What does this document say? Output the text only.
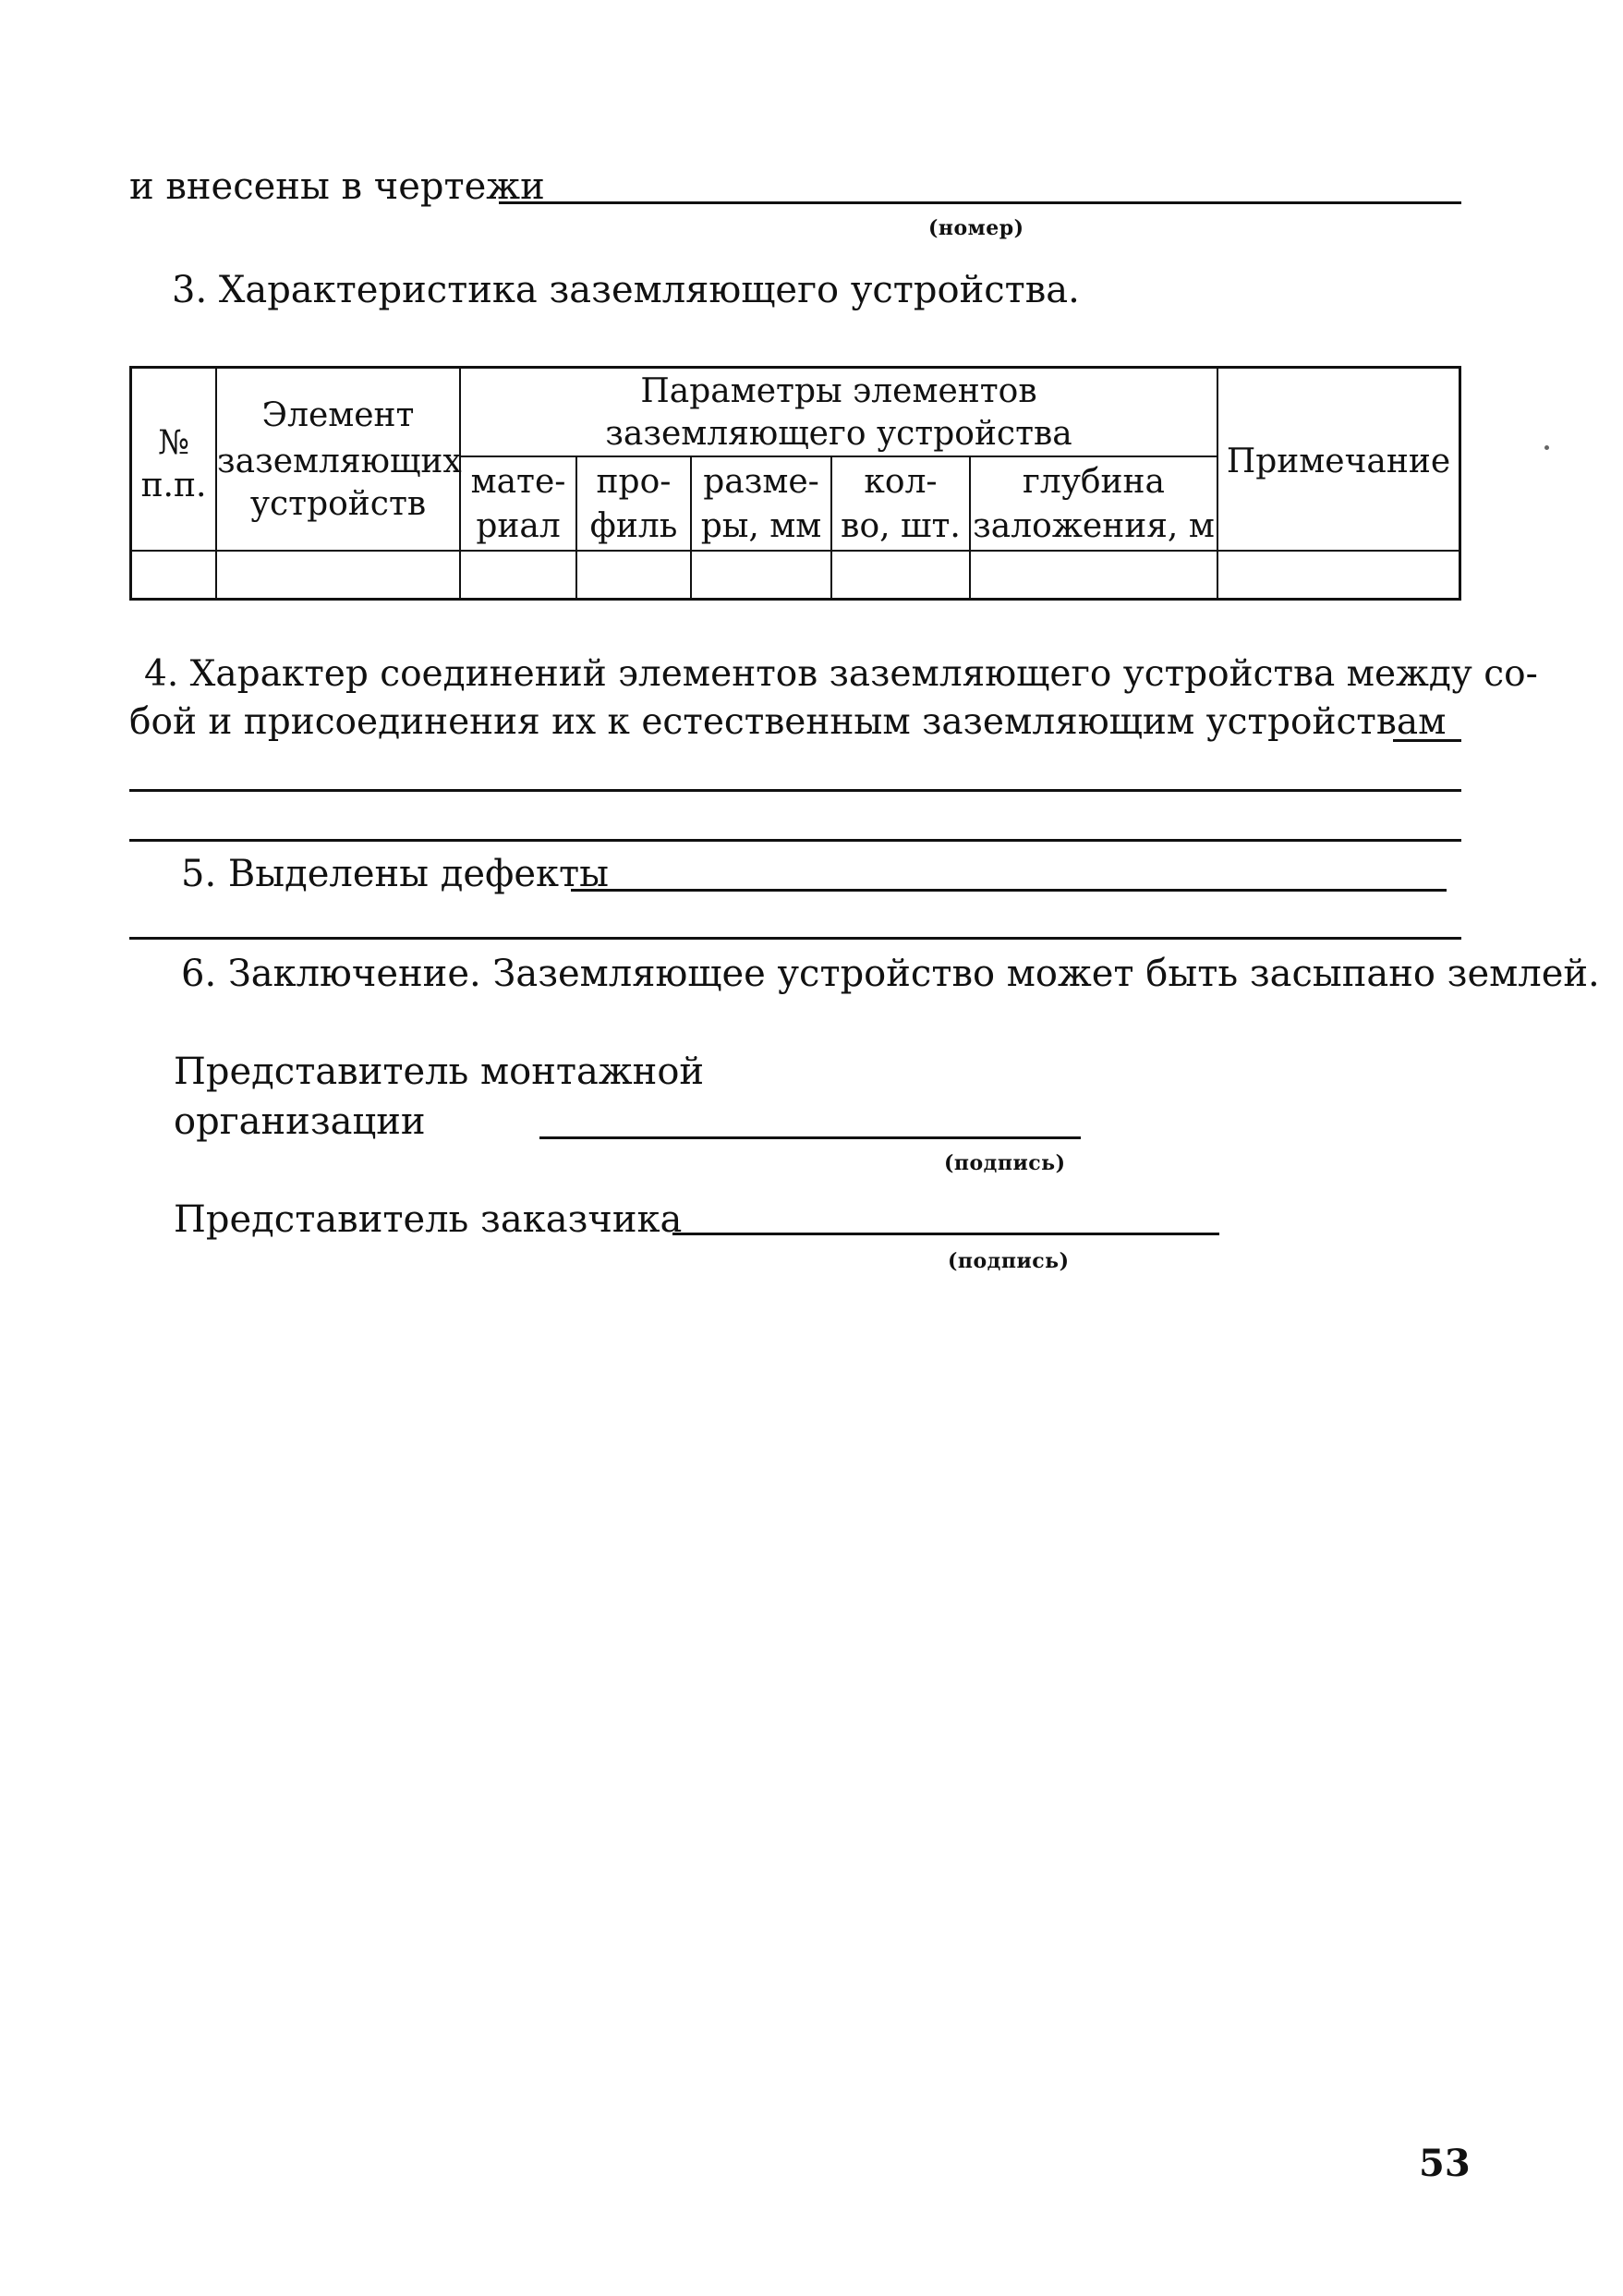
и внесены в чертежи
(номер)
3. Характеристика заземляющего устройства.
№
п.п.
Элемент
заземляющих
устройств
Параметры элементов
заземляющего устройства
мате-
риал
про-
филь
разме-
ры, мм
кол-
во, шт.
глубина
заложения, м
Примечание
4. Характер соединений элементов заземляющего устройства между со-
бой и присоединения их к естественным заземляющим устройствам
5. Выделены дефекты
6. Заключение. Заземляющее устройство может быть засыпано землей.
Представитель монтажной
организации
(подпись)
Представитель заказчика
(подпись)
53
